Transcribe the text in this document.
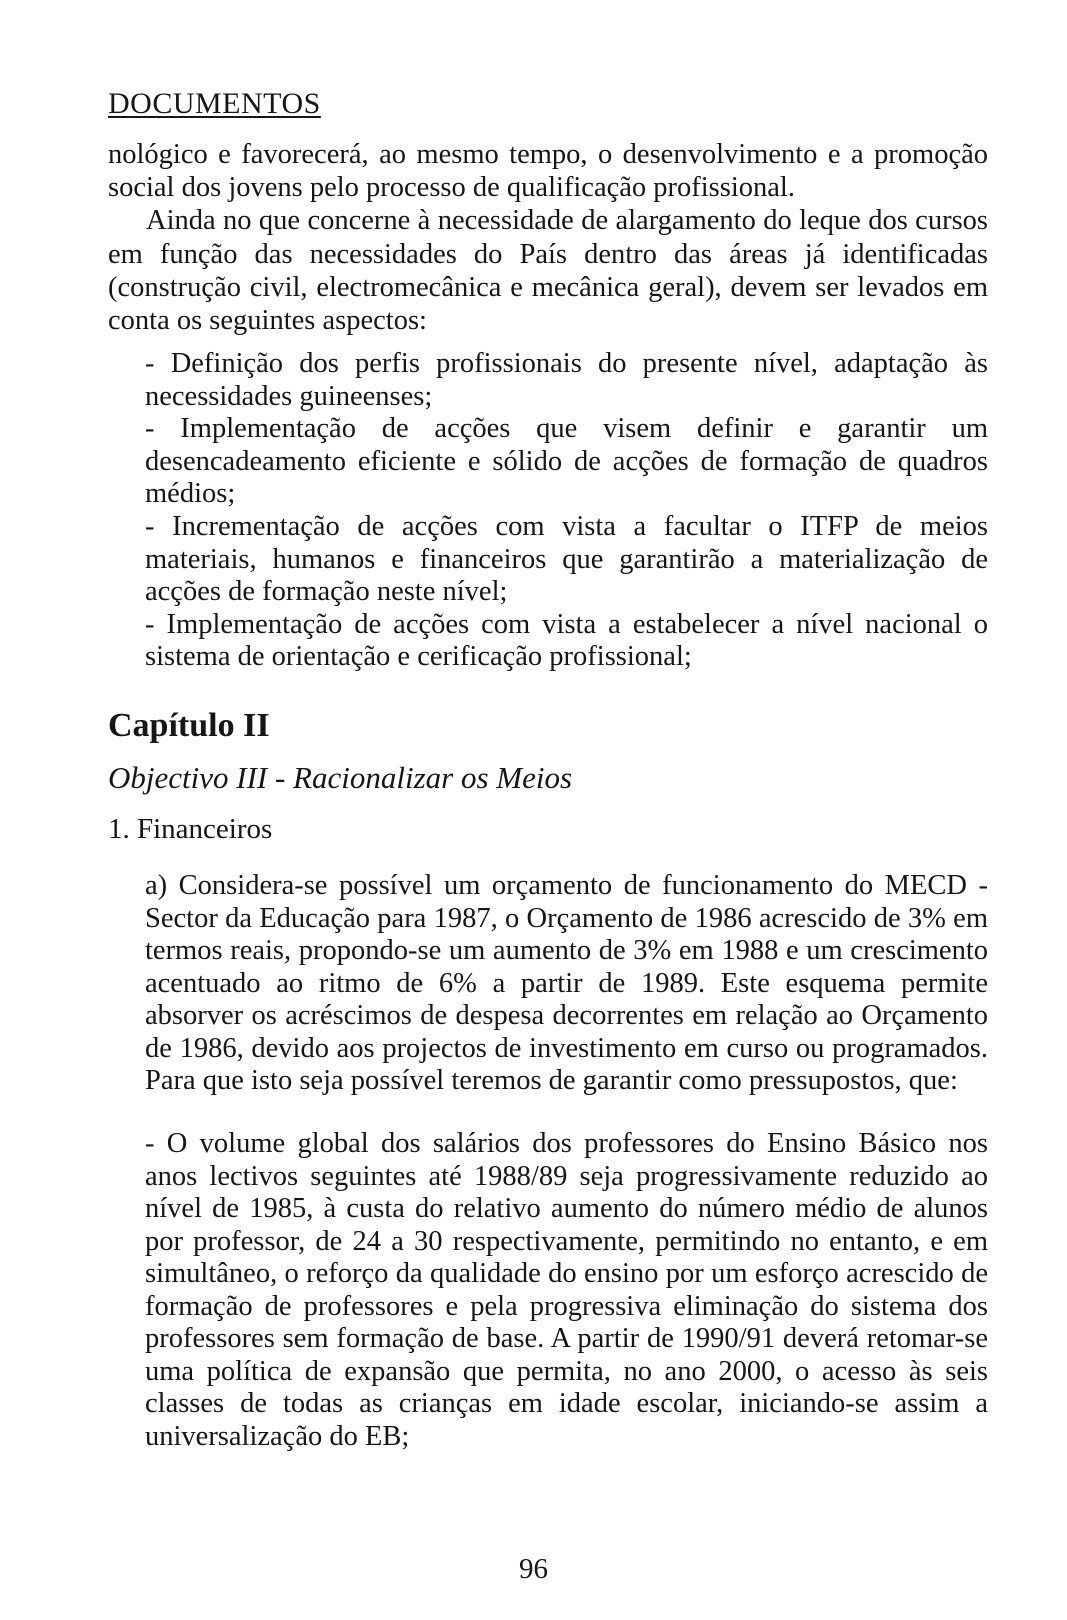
DOCUMENTOS

nológico e favorecerá, ao mesmo tempo, o desenvolvimento e a promoção social dos jovens pelo processo de qualificação profissional.

Ainda no que concerne à necessidade de alargamento do leque dos cursos em função das necessidades do País dentro das áreas já identificadas (construção civil, electromecânica e mecânica geral), devem ser levados em conta os seguintes aspectos:

- Definição dos perfis profissionais do presente nível, adaptação às necessidades guineenses;

- Implementação de acções que visem definir e garantir um desencadeamento eficiente e sólido de acções de formação de quadros médios;

- Incrementação de acções com vista a facultar o ITFP de meios materiais, humanos e financeiros que garantirão a materialização de acções de formação neste nível;

- Implementação de acções com vista a estabelecer a nível nacional o sistema de orientação e cerificação profissional;

Capítulo II
Objectivo III - Racionalizar os Meios
1. Financeiros

a) Considera-se possível um orçamento de funcionamento do MECD - Sector da Educação para 1987, o Orçamento de 1986 acrescido de 3% em termos reais, propondo-se um aumento de 3% em 1988 e um crescimento acentuado ao ritmo de 6% a partir de 1989. Este esquema permite absorver os acréscimos de despesa decorrentes em relação ao Orçamento de 1986, devido aos projectos de investimento em curso ou programados. Para que isto seja possível teremos de garantir como pressupostos, que:

- O volume global dos salários dos professores do Ensino Básico nos anos lectivos seguintes até 1988/89 seja progressivamente reduzido ao nível de 1985, à custa do relativo aumento do número médio de alunos por professor, de 24 a 30 respectivamente, permitindo no entanto, e em simultâneo, o reforço da qualidade do ensino por um esforço acrescido de formação de professores e pela progressiva eliminação do sistema dos professores sem formação de base. A partir de 1990/91 deverá retomar-se uma política de expansão que permita, no ano 2000, o acesso às seis classes de todas as crianças em idade escolar, iniciando-se assim a universalização do EB;

96
